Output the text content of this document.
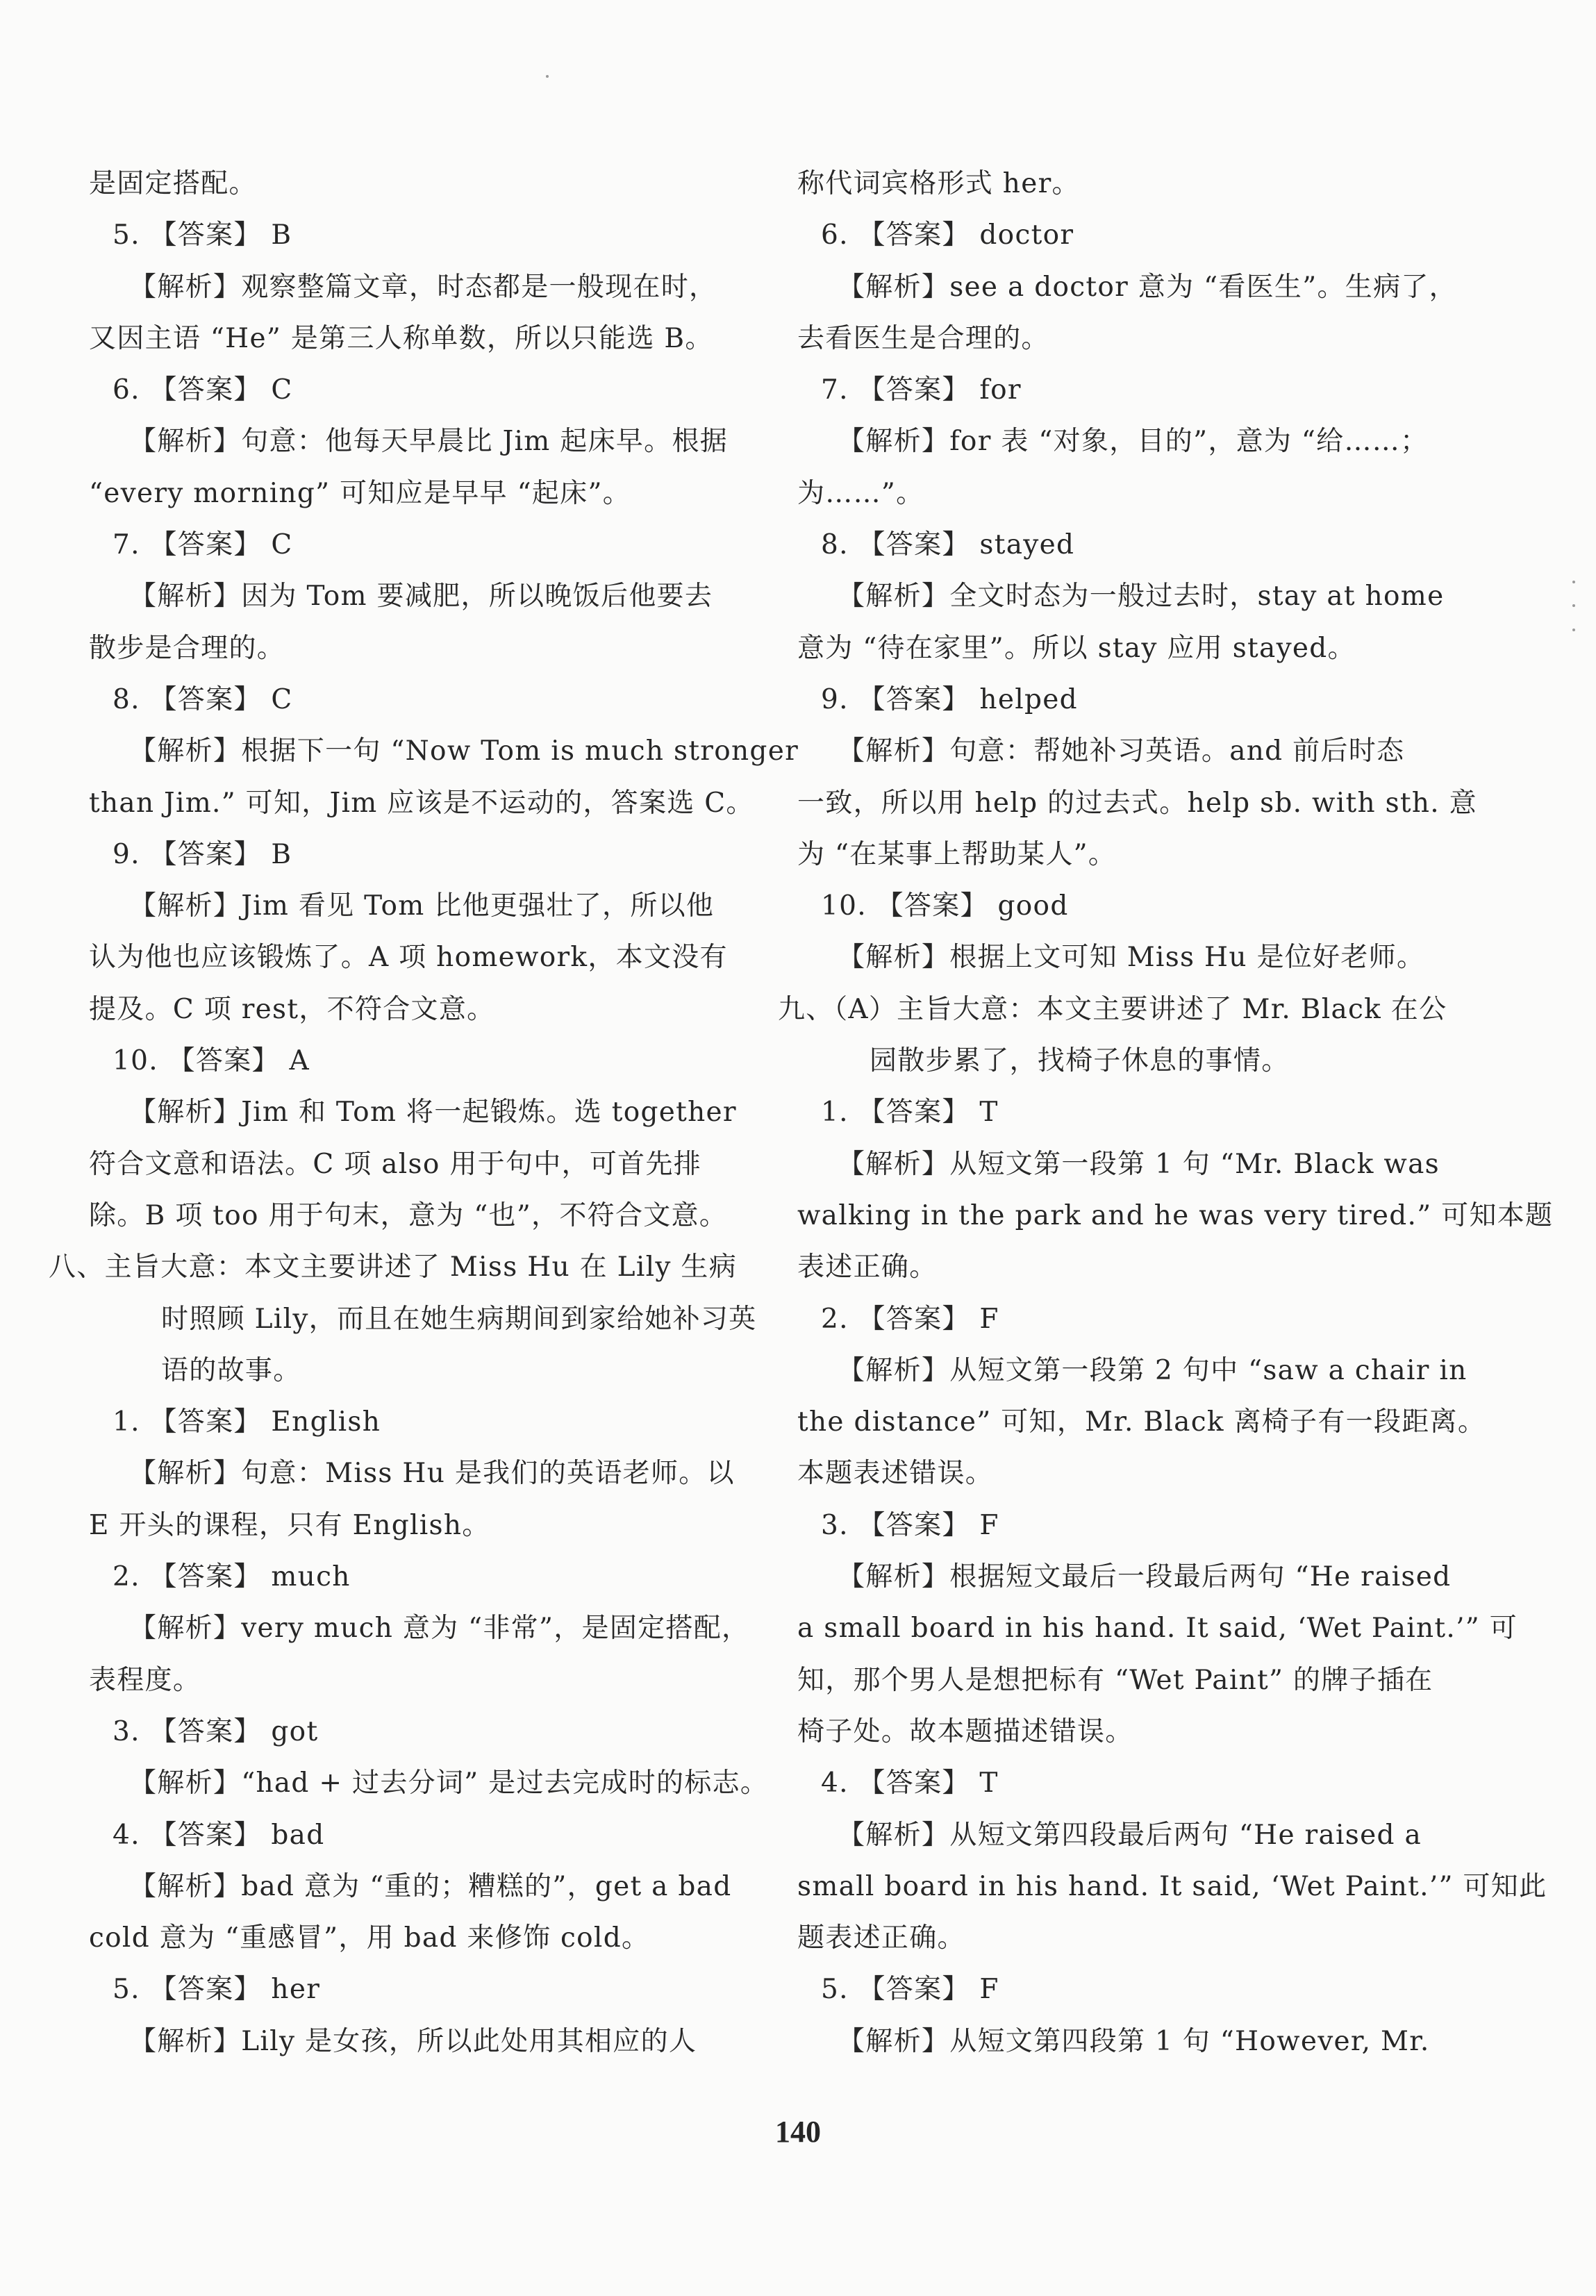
是固定搭配。

5. 【答案】 B

【解析】观察整篇文章，时态都是一般现在时，

又因主语 “He” 是第三人称单数，所以只能选 B。

6. 【答案】 C

【解析】句意：他每天早晨比 Jim 起床早。根据

“every morning” 可知应是早早 “起床”。

7. 【答案】 C

【解析】因为 Tom 要减肥，所以晚饭后他要去

散步是合理的。

8. 【答案】 C

【解析】根据下一句 “Now Tom is much stronger

than Jim.” 可知，Jim 应该是不运动的，答案选 C。

9. 【答案】 B

【解析】Jim 看见 Tom 比他更强壮了，所以他

认为他也应该锻炼了。A 项 homework，本文没有

提及。C 项 rest，不符合文意。

10. 【答案】 A

【解析】Jim 和 Tom 将一起锻炼。选 together

符合文意和语法。C 项 also 用于句中，可首先排

除。B 项 too 用于句末，意为 “也”，不符合文意。

八、主旨大意：本文主要讲述了 Miss Hu 在 Lily 生病

时照顾 Lily，而且在她生病期间到家给她补习英

语的故事。

1. 【答案】 English

【解析】句意：Miss Hu 是我们的英语老师。以

E 开头的课程，只有 English。

2. 【答案】 much

【解析】very much 意为 “非常”，是固定搭配，

表程度。

3. 【答案】 got

【解析】“had + 过去分词” 是过去完成时的标志。

4. 【答案】 bad

【解析】bad 意为 “重的；糟糕的”，get a bad

cold 意为 “重感冒”，用 bad 来修饰 cold。

5. 【答案】 her

【解析】Lily 是女孩，所以此处用其相应的人

称代词宾格形式 her。

6. 【答案】 doctor

【解析】see a doctor 意为 “看医生”。生病了，

去看医生是合理的。

7. 【答案】 for

【解析】for 表 “对象，目的”，意为 “给……；

为……”。

8. 【答案】 stayed

【解析】全文时态为一般过去时，stay at home

意为 “待在家里”。所以 stay 应用 stayed。

9. 【答案】 helped

【解析】句意：帮她补习英语。and 前后时态

一致，所以用 help 的过去式。help sb. with sth. 意

为 “在某事上帮助某人”。

10. 【答案】 good

【解析】根据上文可知 Miss Hu 是位好老师。

九、（A）主旨大意：本文主要讲述了 Mr. Black 在公

园散步累了，找椅子休息的事情。

1. 【答案】 T

【解析】从短文第一段第 1 句 “Mr. Black was

walking in the park and he was very tired.” 可知本题

表述正确。

2. 【答案】 F

【解析】从短文第一段第 2 句中 “saw a chair in

the distance” 可知，Mr. Black 离椅子有一段距离。

本题表述错误。

3. 【答案】 F

【解析】根据短文最后一段最后两句 “He raised

a small board in his hand. It said, ‘Wet Paint.’” 可

知，那个男人是想把标有 “Wet Paint” 的牌子插在

椅子处。故本题描述错误。

4. 【答案】 T

【解析】从短文第四段最后两句 “He raised a

small board in his hand. It said, ‘Wet Paint.’” 可知此

题表述正确。

5. 【答案】 F

【解析】从短文第四段第 1 句 “However, Mr.

140
